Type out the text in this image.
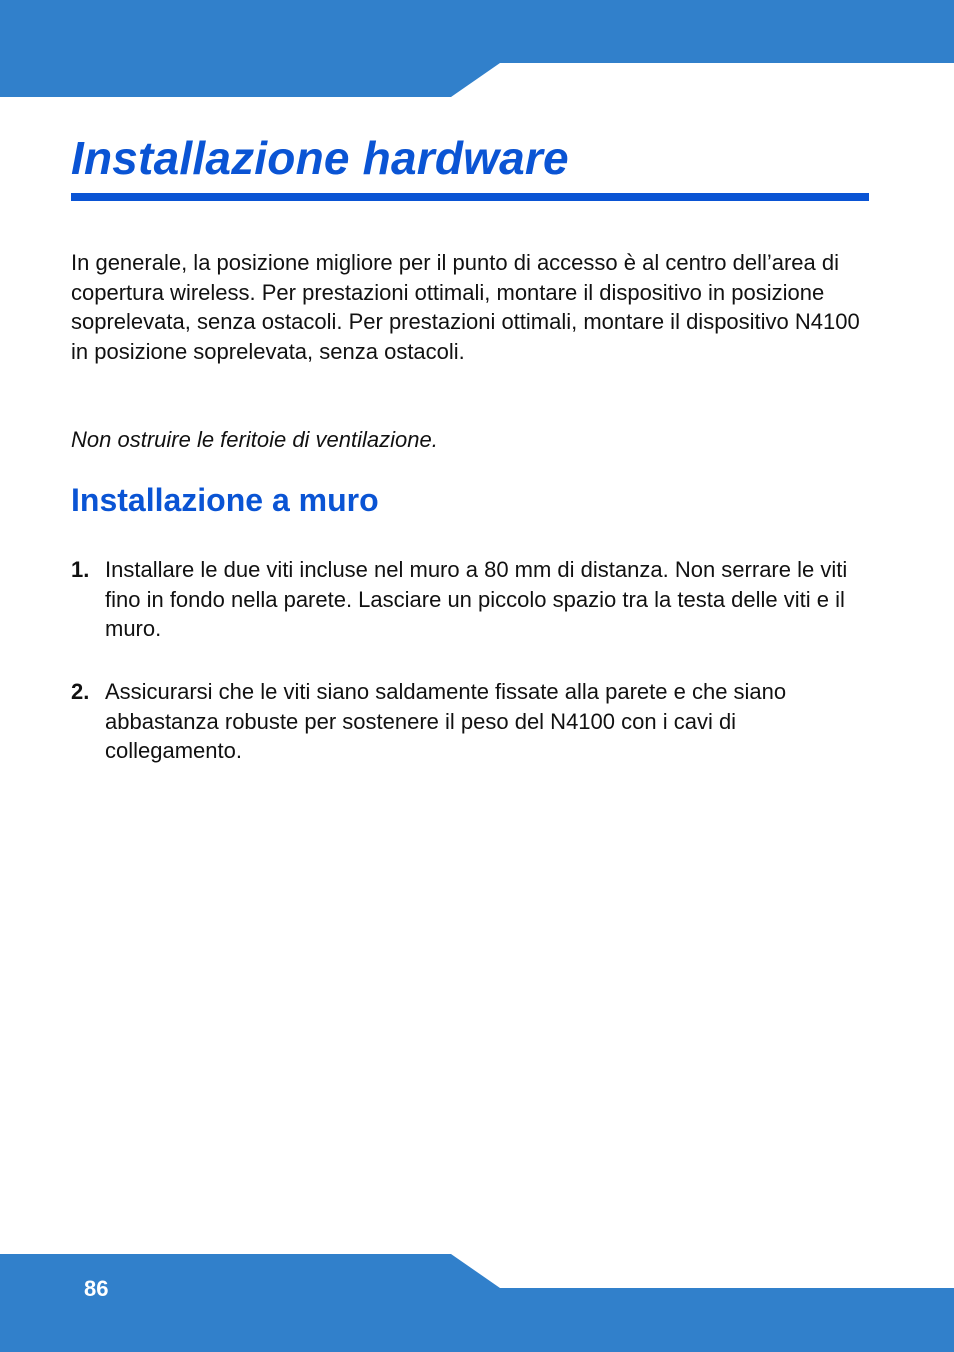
Installazione hardware

In generale, la posizione migliore per il punto di accesso è al centro dell’area di copertura wireless. Per prestazioni ottimali, montare il dispositivo in posizione soprelevata, senza ostacoli. Per prestazioni ottimali, montare il dispositivo N4100 in posizione soprelevata, senza ostacoli.

Non ostruire le feritoie di ventilazione.

Installazione a muro
1. Installare le due viti incluse nel muro a 80 mm di distanza. Non serrare le viti fino in fondo nella parete. Lasciare un piccolo spazio tra la testa delle viti e il muro.
2. Assicurarsi che le viti siano saldamente fissate alla parete e che siano abbastanza robuste per sostenere il peso del N4100 con i cavi di collegamento.
86
